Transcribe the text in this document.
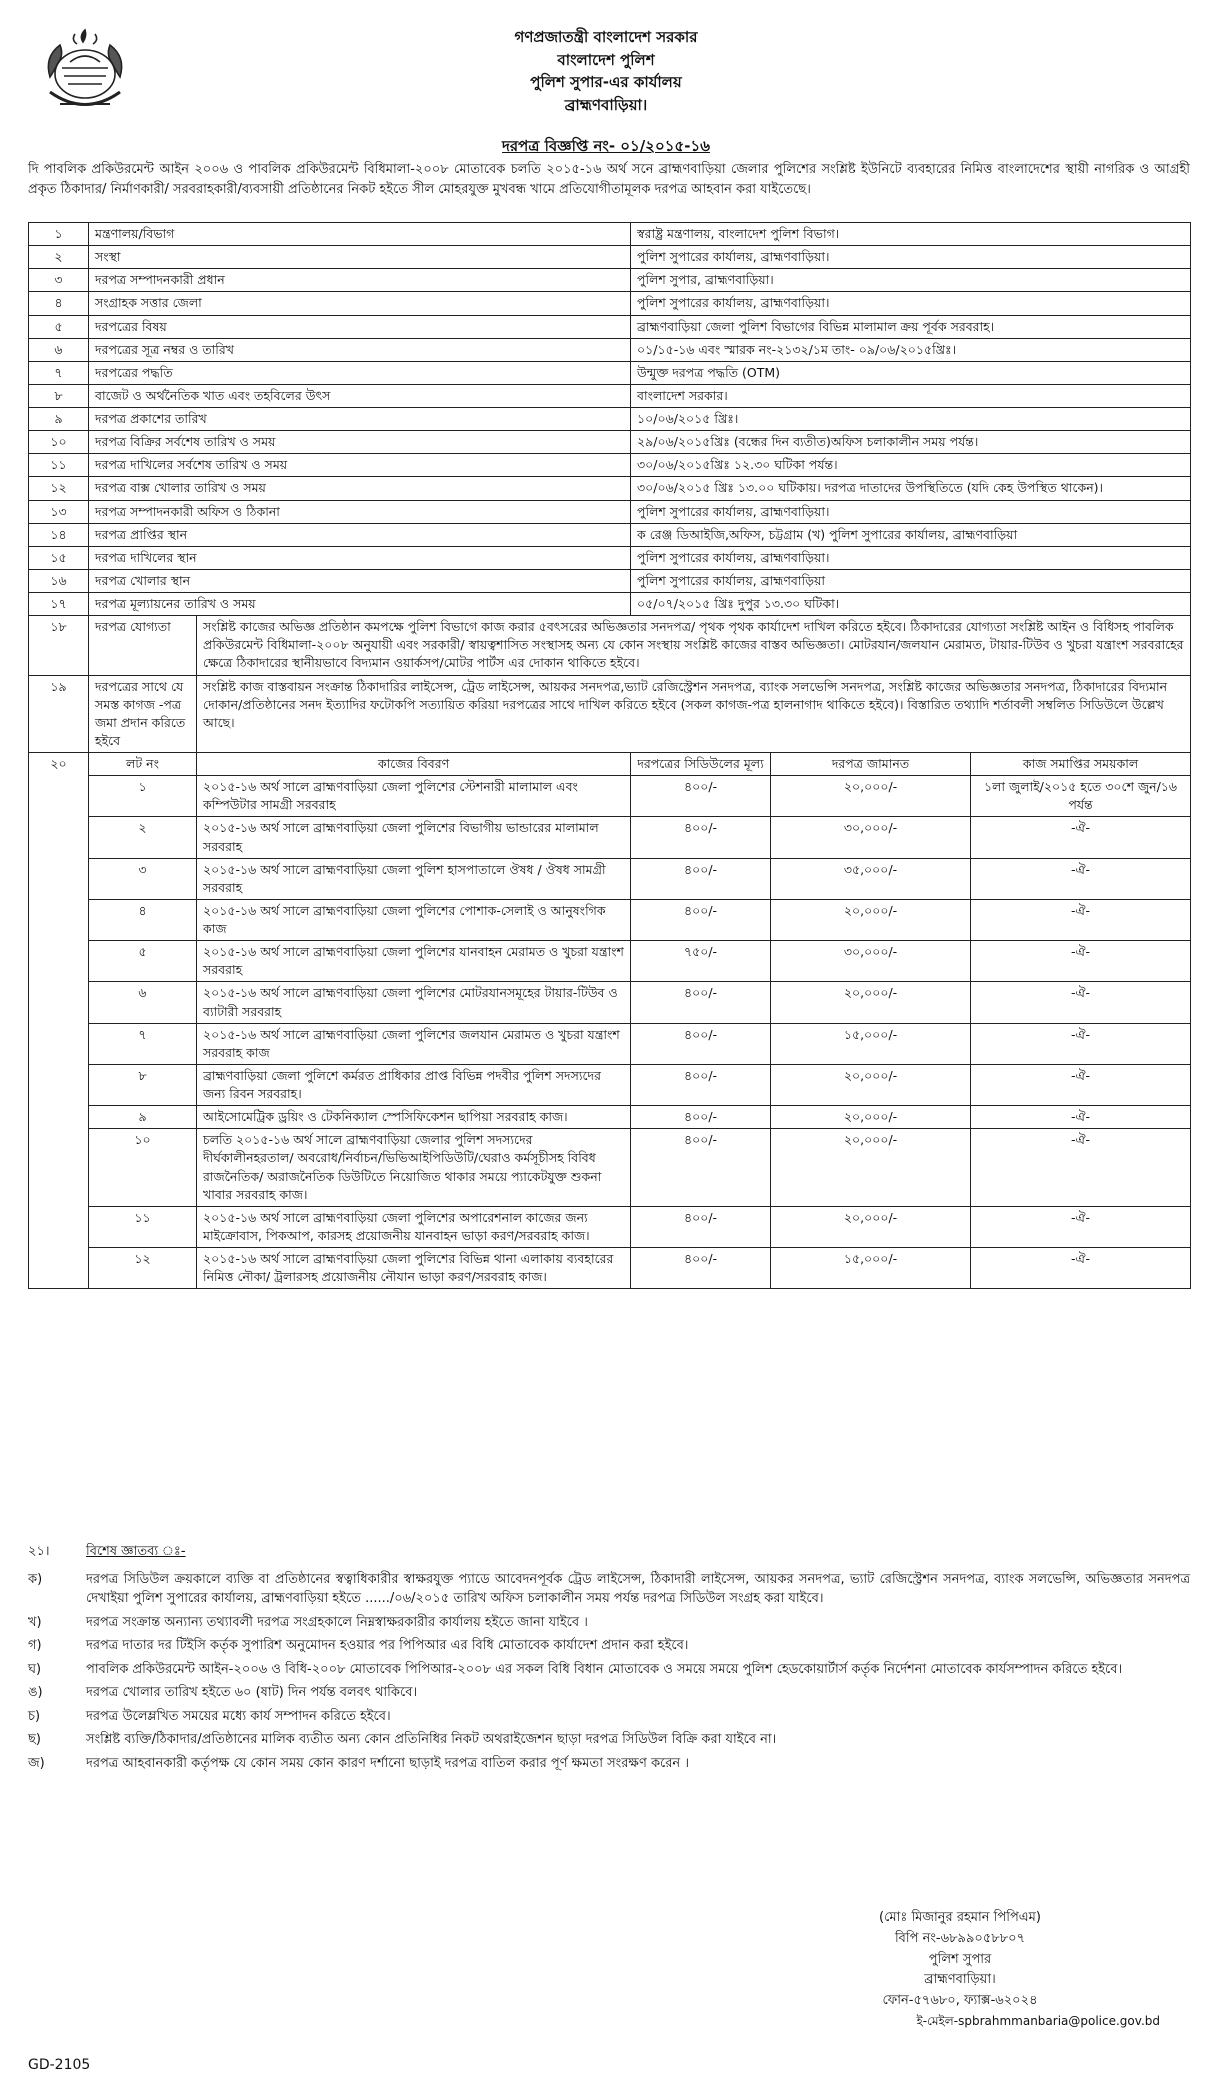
গণপ্রজাতন্ত্রী বাংলাদেশ সরকার
বাংলাদেশ পুলিশ
পুলিশ সুপার-এর কার্যালয়
ব্রাহ্মণবাড়িয়া।
দরপত্র বিজ্ঞপ্তি নং- ০১/২০১৫-১৬
দি পাবলিক প্রকিউরমেন্ট আইন ২০০৬ ও পাবলিক প্রকিউরমেন্ট বিধিমালা-২০০৮ মোতাবেক চলতি ২০১৫-১৬ অর্থ সনে ব্রাহ্মণবাড়িয়া জেলার পুলিশের সংশ্লিষ্ট ইউনিটে ব্যবহারের নিমিত্ত বাংলাদেশের স্থায়ী নাগরিক ও আগ্রহী প্রকৃত ঠিকাদার/ নির্মাণকারী/ সরবরাহকারী/ব্যবসায়ী প্রতিষ্ঠানের নিকট হইতে সীল মোহরযুক্ত মুখবন্ধ খামে প্রতিযোগীতামূলক দরপত্র আহবান করা যাইতেছে।
১	মন্ত্রণালয়/বিভাগ		স্বরাষ্ট্র মন্ত্রণালয়, বাংলাদেশ পুলিশ বিভাগ।		
২	সংস্থা		পুলিশ সুপারের কার্যালয়, ব্রাহ্মণবাড়িয়া।		
৩	দরপত্র সম্পাদনকারী প্রধান		পুলিশ সুপার, ব্রাহ্মণবাড়িয়া।		
৪	সংগ্রাহক সত্তার জেলা		পুলিশ সুপারের কার্যালয়, ব্রাহ্মণবাড়িয়া।		
৫	দরপত্রের বিষয়		ব্রাহ্মণবাড়িয়া জেলা পুলিশ বিভাগের বিভিন্ন মালামাল ক্রয় পূর্বক সরবরাহ।		
৬	দরপত্রের সূত্র নম্বর ও তারিখ		০১/১৫-১৬ এবং স্মারক নং-২১৩২/১ম তাং- ০৯/০৬/২০১৫খ্রিঃ।		
৭	দরপত্রের পদ্ধতি		উন্মুক্ত দরপত্র পদ্ধতি (OTM)		
৮	বাজেট ও অর্থনৈতিক খাত এবং তহবিলের উৎস		বাংলাদেশ সরকার।		
৯	দরপত্র প্রকাশের তারিখ		১০/০৬/২০১৫ খ্রিঃ।		
১০	দরপত্র বিক্রির সর্বশেষ তারিখ ও সময়		২৯/০৬/২০১৫খ্রিঃ (বন্ধের দিন ব্যতীত)অফিস চলাকালীন সময় পর্যন্ত।		
১১	দরপত্র দাখিলের সর্বশেষ তারিখ ও সময়		৩০/০৬/২০১৫খ্রিঃ ১২.৩০ ঘটিকা পর্যন্ত।		
১২	দরপত্র বাক্স খোলার তারিখ ও সময়		৩০/০৬/২০১৫ খ্রিঃ ১৩.০০ ঘটিকায়। দরপত্র দাতাদের উপস্থিতিতে (যদি কেহ উপস্থিত থাকেন)।		
১৩	দরপত্র সম্পাদনকারী অফিস ও ঠিকানা		পুলিশ সুপারের কার্যালয়, ব্রাহ্মণবাড়িয়া।		
১৪	দরপত্র প্রাপ্তির স্থান		ক রেঞ্জ ডিআইজি,অফিস, চট্টগ্রাম (খ) পুলিশ সুপারের কার্যালয়, ব্রাহ্মণবাড়িয়া		
১৫	দরপত্র দাখিলের স্থান		পুলিশ সুপারের কার্যালয়, ব্রাহ্মণবাড়িয়া।		
১৬	দরপত্র খোলার স্থান		পুলিশ সুপারের কার্যালয়, ব্রাহ্মণবাড়িয়া		
১৭	দরপত্র মূল্যায়নের তারিখ ও সময়		০৫/০৭/২০১৫ খ্রিঃ দুপুর ১৩.৩০ ঘটিকা।		
১৮	দরপত্র যোগ্যতা	সংশ্লিষ্ট কাজের অভিজ্ঞ প্রতিষ্ঠান কমপক্ষে পুলিশ বিভাগে কাজ করার ৫বৎসরের অভিজ্ঞতার সনদপত্র/ পৃথক পৃথক কার্যাদেশ দাখিল করিতে হইবে। ঠিকাদারের যোগ্যতা সংশ্লিষ্ট আইন ও বিধিসহ পাবলিক প্রকিউরমেন্ট বিধিমালা-২০০৮ অনুযায়ী এবং সরকারী/ স্বায়ত্বশাসিত সংস্থাসহ অন্য যে কোন সংস্থায় সংশ্লিষ্ট কাজের বাস্তব অভিজ্ঞতা। মোটরযান/জলযান মেরামত, টায়ার-টিউব ও খুচরা যন্ত্রাংশ সরবরাহের ক্ষেত্রে ঠিকাদারের স্থানীয়ভাবে বিদ্যমান ওয়ার্কসপ/মোটর পার্টস এর দোকান থাকিতে হইবে।			
১৯	দরপত্রের সাথে যে সমস্ত কাগজ -পত্র জমা প্রদান করিতে হইবে	সংশ্লিষ্ট কাজ বাস্তবায়ন সংক্রান্ত ঠিকাদারির লাইসেন্স, ট্রেড লাইসেন্স, আয়কর সনদপত্র,ভ্যাট রেজিস্ট্রেশন সনদপত্র, ব্যাংক সলভেন্সি সনদপত্র, সংশ্লিষ্ট কাজের অভিজ্ঞতার সনদপত্র, ঠিকাদারের বিদ্যমান দোকান/প্রতিষ্ঠানের সনদ ইত্যাদির ফটোকপি সত্যায়িত করিয়া দরপত্রের সাথে দাখিল করিতে হইবে (সকল কাগজ-পত্র হালনাগাদ থাকিতে হইবে)। বিস্তারিত তথ্যাদি শর্তাবলী সম্বলিত সিডিউলে উল্লেখ আছে।			
২০	লট নং	কাজের বিবরণ	দরপত্রের সিডিউলের মূল্য	দরপত্র জামানত	কাজ সমাপ্তির সময়কাল
	১	২০১৫-১৬ অর্থ সালে ব্রাহ্মণবাড়িয়া জেলা পুলিশের স্টেশনারী মালামাল এবং কম্পিউটার সামগ্রী সরবরাহ	৪০০/-	২০,০০০/-	১লা জুলাই/২০১৫ হতে ৩০শে জুন/১৬ পর্যন্ত
	২	২০১৫-১৬ অর্থ সালে ব্রাহ্মণবাড়িয়া জেলা পুলিশের বিভাগীয় ভান্ডারের মালামাল সরবরাহ	৪০০/-	৩০,০০০/-	-ঐ-
	৩	২০১৫-১৬ অর্থ সালে ব্রাহ্মণবাড়িয়া জেলা পুলিশ হাসপাতালে ঔষধ / ঔষধ সামগ্রী সরবরাহ	৪০০/-	৩৫,০০০/-	-ঐ-
	৪	২০১৫-১৬ অর্থ সালে ব্রাহ্মণবাড়িয়া জেলা পুলিশের পোশাক-সেলাই ও আনুষংগিক কাজ	৪০০/-	২০,০০০/-	-ঐ-
	৫	২০১৫-১৬ অর্থ সালে ব্রাহ্মণবাড়িয়া জেলা পুলিশের যানবাহন মেরামত ও খুচরা যন্ত্রাংশ সরবরাহ	৭৫০/-	৩০,০০০/-	-ঐ-
	৬	২০১৫-১৬ অর্থ সালে ব্রাহ্মণবাড়িয়া জেলা পুলিশের মোটরযানসমূহের টায়ার-টিউব ও ব্যাটারী সরবরাহ	৪০০/-	২০,০০০/-	-ঐ-
	৭	২০১৫-১৬ অর্থ সালে ব্রাহ্মণবাড়িয়া জেলা পুলিশের জলযান মেরামত ও খুচরা যন্ত্রাংশ সরবরাহ কাজ	৪০০/-	১৫,০০০/-	-ঐ-
	৮	ব্রাহ্মণবাড়িয়া জেলা পুলিশে কর্মরত প্রাধিকার প্রাপ্ত বিভিন্ন পদবীর পুলিশ সদস্যদের জন্য রিবন সরবরাহ।	৪০০/-	২০,০০০/-	-ঐ-
	৯	আইসোমেট্রিক ড্রয়িং ও টেকনিক্যাল স্পেসিফিকেশন ছাপিয়া সরবরাহ কাজ।	৪০০/-	২০,০০০/-	-ঐ-
	১০	চলতি ২০১৫-১৬ অর্থ সালে ব্রাহ্মণবাড়িয়া জেলার পুলিশ সদস্যদের দীর্ঘকালীনহরতাল/ অবরোধ/নির্বাচন/ভিভিআইপিডিউটি/ঘেরাও কর্মসূচীসহ বিবিধ রাজনৈতিক/ অরাজনৈতিক ডিউটিতে নিয়োজিত থাকার সময়ে প্যাকেটযুক্ত শুকনা খাবার সরবরাহ কাজ।	৪০০/-	২০,০০০/-	-ঐ-
	১১	২০১৫-১৬ অর্থ সালে ব্রাহ্মণবাড়িয়া জেলা পুলিশের অপারেশনাল কাজের জন্য মাইক্রোবাস, পিকআপ, কারসহ প্রয়োজনীয় যানবাহন ভাড়া করণ/সরবরাহ কাজ।	৪০০/-	২০,০০০/-	-ঐ-
	১২	২০১৫-১৬ অর্থ সালে ব্রাহ্মণবাড়িয়া জেলা পুলিশের বিভিন্ন থানা এলাকায় ব্যবহারের নিমিত্ত নৌকা/ ট্রলারসহ প্রয়োজনীয় নৌযান ভাড়া করণ/সরবরাহ কাজ।	৪০০/-	১৫,০০০/-	-ঐ-
২১।	বিশেষ জ্ঞাতব্য ঃ-
ক)	দরপত্র সিডিউল ক্রয়কালে ব্যক্তি বা প্রতিষ্ঠানের স্বত্বাধিকারীর স্বাক্ষরযুক্ত প্যাডে আবেদনপূর্বক ট্রেড লাইসেন্স, ঠিকাদারী লাইসেন্স, আয়কর সনদপত্র, ভ্যাট রেজিস্ট্রেশন সনদপত্র, ব্যাংক সলভেন্সি, অভিজ্ঞতার সনদপত্র দেখাইয়া পুলিশ সুপারের কার্যালয়, ব্রাহ্মণবাড়িয়া হইতে ....../০৬/২০১৫ তারিখ অফিস চলাকালীন সময় পর্যন্ত দরপত্র সিডিউল সংগ্রহ করা যাইবে।
খ)	দরপত্র সংক্রান্ত অন্যান্য তথ্যাবলী দরপত্র সংগ্রহকালে নিম্নস্বাক্ষরকারীর কার্যালয় হইতে জানা যাইবে ।
গ)	দরপত্র দাতার দর টিইসি কর্তৃক সুপারিশ অনুমোদন হওয়ার পর পিপিআর এর বিধি মোতাবেক কার্যাদেশ প্রদান করা হইবে।
ঘ)	পাবলিক প্রকিউরমেন্ট আইন-২০০৬ ও বিধি-২০০৮ মোতাবেক পিপিআর-২০০৮ এর সকল বিধি বিধান মোতাবেক ও সময়ে সময়ে পুলিশ হেডকোয়ার্টার্স কর্তৃক নির্দেশনা মোতাবেক কার্যসম্পাদন করিতে হইবে।
ঙ)	দরপত্র খোলার তারিখ হইতে ৬০ (ষাট) দিন পর্যন্ত বলবৎ থাকিবে।
চ)	দরপত্র উলেম্লখিত সময়ের মধ্যে কার্য সম্পাদন করিতে হইবে।
ছ)	সংশ্লিষ্ট ব্যক্তি/ঠিকাদার/প্রতিষ্ঠানের মালিক ব্যতীত অন্য কোন প্রতিনিধির নিকট অথরাইজেশন ছাড়া দরপত্র সিডিউল বিক্রি করা যাইবে না।
জ)	দরপত্র আহবানকারী কর্তৃপক্ষ যে কোন সময় কোন কারণ দর্শানো ছাড়াই দরপত্র বাতিল করার পূর্ণ ক্ষমতা সংরক্ষণ করেন ।
(মোঃ মিজানুর রহমান পিপিএম)
বিপি নং-৬৮৯৯০৫৮৮০৭
পুলিশ সুপার
ব্রাহ্মণবাড়িয়া।
ফোন-৫৭৬৮০, ফ্যাক্স-৬২০২৪
ই-মেইল-spbrahmmanbaria@police.gov.bd
GD-2105
